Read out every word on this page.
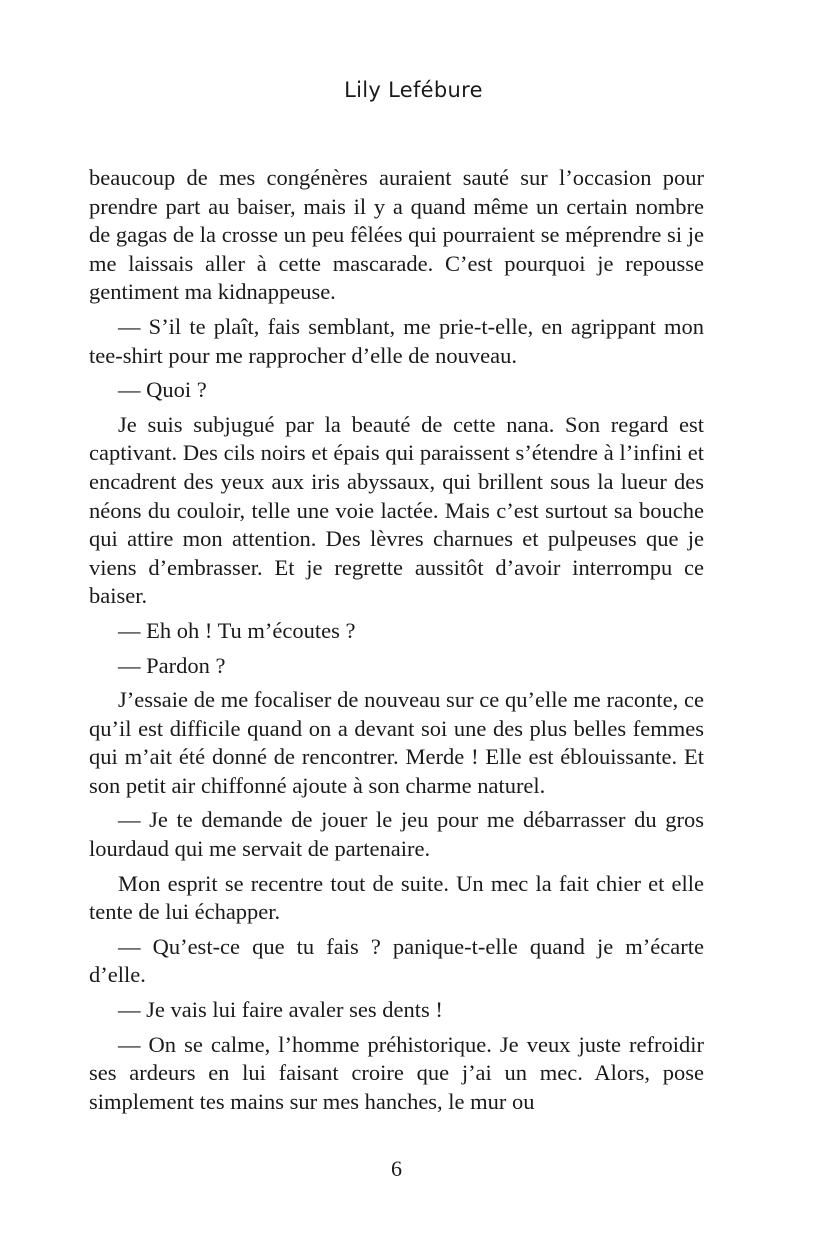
Lily Lefébure

beaucoup de mes congénères auraient sauté sur l’occasion pour prendre part au baiser, mais il y a quand même un certain nombre de gagas de la crosse un peu fêlées qui pourraient se méprendre si je me laissais aller à cette mascarade. C’est pourquoi je repousse gentiment ma kidnappeuse.

— S’il te plaît, fais semblant, me prie-t-elle, en agrippant mon tee-shirt pour me rapprocher d’elle de nouveau.

— Quoi ?

Je suis subjugué par la beauté de cette nana. Son regard est captivant. Des cils noirs et épais qui paraissent s’étendre à l’infini et encadrent des yeux aux iris abyssaux, qui brillent sous la lueur des néons du couloir, telle une voie lactée. Mais c’est surtout sa bouche qui attire mon attention. Des lèvres charnues et pulpeuses que je viens d’embrasser. Et je regrette aussitôt d’avoir interrompu ce baiser.

— Eh oh ! Tu m’écoutes ?

— Pardon ?

J’essaie de me focaliser de nouveau sur ce qu’elle me raconte, ce qu’il est difficile quand on a devant soi une des plus belles femmes qui m’ait été donné de rencontrer. Merde ! Elle est éblouissante. Et son petit air chiffonné ajoute à son charme naturel.

— Je te demande de jouer le jeu pour me débarrasser du gros lourdaud qui me servait de partenaire.

Mon esprit se recentre tout de suite. Un mec la fait chier et elle tente de lui échapper.

— Qu’est-ce que tu fais ? panique-t-elle quand je m’écarte d’elle.

— Je vais lui faire avaler ses dents !

— On se calme, l’homme préhistorique. Je veux juste refroidir ses ardeurs en lui faisant croire que j’ai un mec. Alors, pose simplement tes mains sur mes hanches, le mur ou

6
